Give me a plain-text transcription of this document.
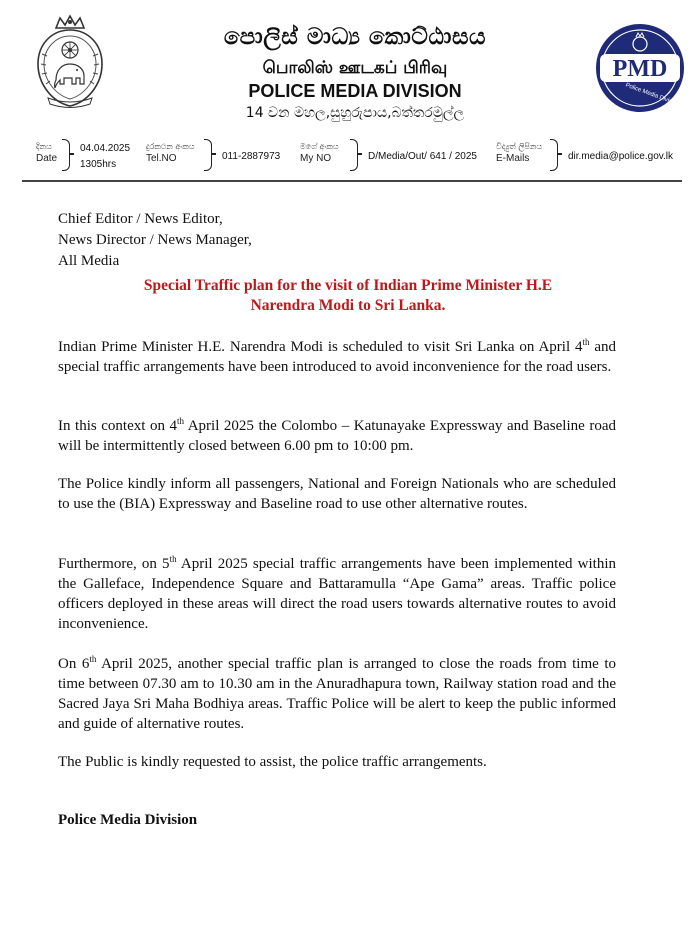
පොලිස් මාධ්‍ය කොට්ඨාසය
பொலிஸ் ஊடகப் பிரிவு
POLICE MEDIA DIVISION
14 වන මහල,සුහුරුපාය,බත්තරමුල්ල
PMD
Police Media Division
දිනය
Date
04.04.2025
1305hrs
දුරකථන අංකය
Tel.NO	011-2887973
මගේ අංකය
My NO	D/Media/Out/ 641 / 2025
විද්‍යුත් ලිපිනය
E-Mails	dir.media@police.gov.lk
Chief Editor / News Editor,
News Director / News Manager,
All Media
Special Traffic plan for the visit of Indian Prime Minister H.E
Narendra Modi to Sri Lanka.
Indian Prime Minister H.E. Narendra Modi is scheduled to visit Sri Lanka on April 4th and special traffic arrangements have been introduced to avoid inconvenience for the road users.
In this context on 4th April 2025 the Colombo – Katunayake Expressway and Baseline road will be intermittently closed between 6.00 pm to 10:00 pm.
The Police kindly inform all passengers, National and Foreign Nationals who are scheduled to use the (BIA) Expressway and Baseline road to use other alternative routes.
Furthermore, on 5th April 2025 special traffic arrangements have been implemented within the Galleface, Independence Square and Battaramulla “Ape Gama” areas. Traffic police officers deployed in these areas will direct the road users towards alternative routes to avoid inconvenience.
On 6th April 2025, another special traffic plan is arranged to close the roads from time to time between 07.30 am to 10.30 am in the Anuradhapura town, Railway station road and the Sacred Jaya Sri Maha Bodhiya areas. Traffic Police will be alert to keep the public informed and guide of alternative routes.
The Public is kindly requested to assist, the police traffic arrangements.
Police Media Division
